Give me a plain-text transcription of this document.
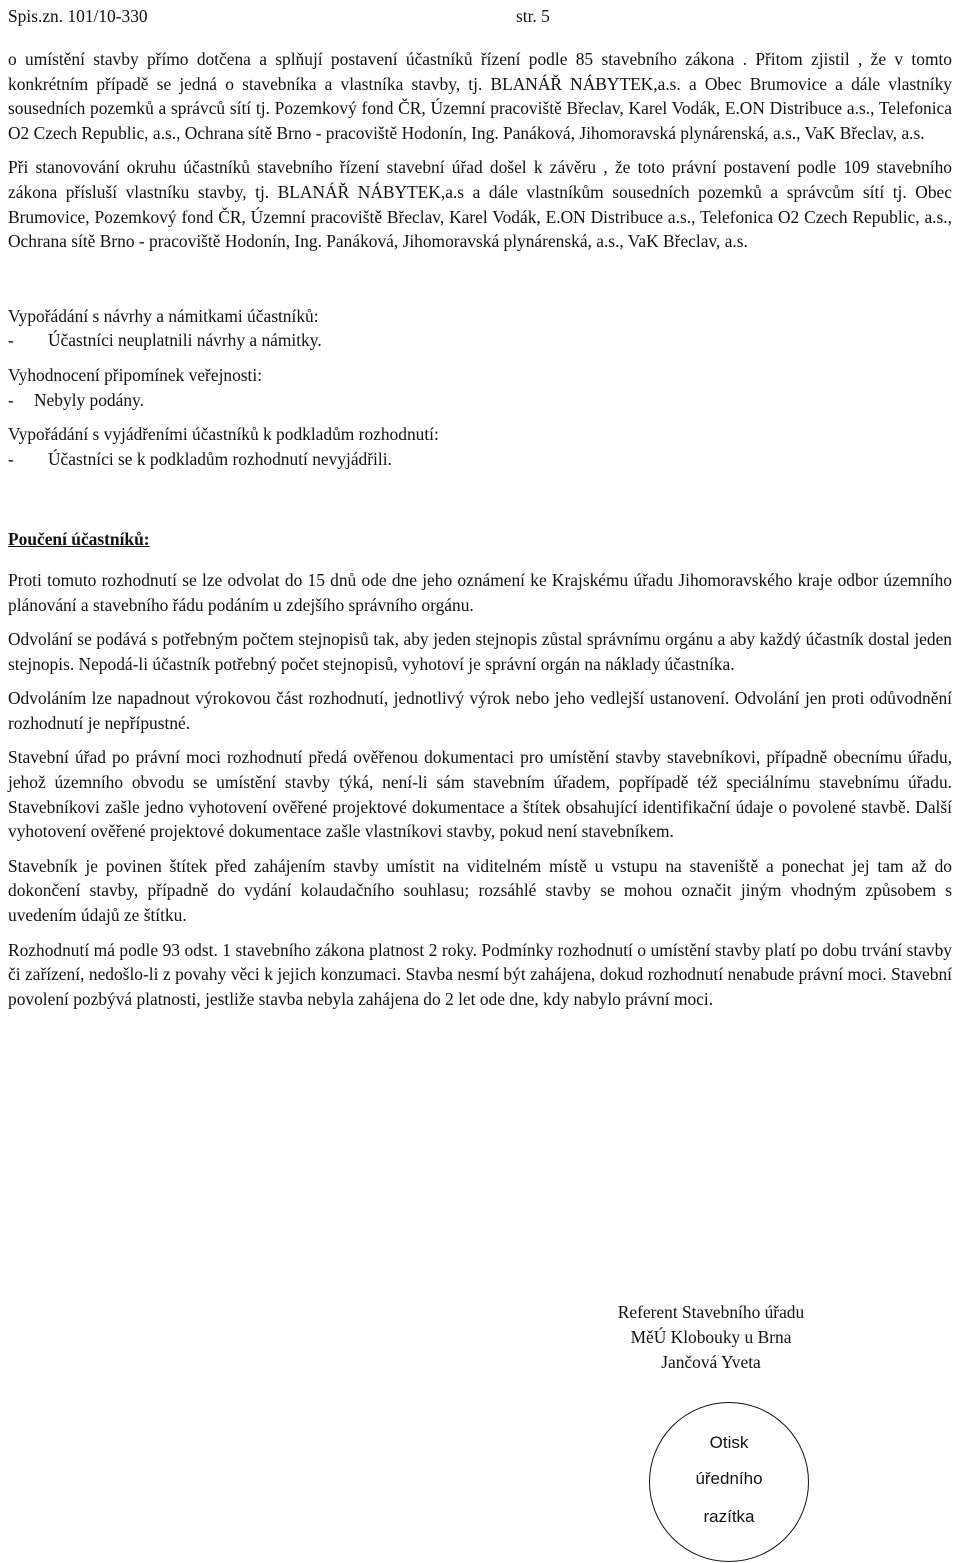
Spis.zn. 101/10-330	str. 5

o umístění stavby přímo dotčena a splňují postavení účastníků řízení podle 85 stavebního zákona . Přitom zjistil , že v tomto konkrétním případě se jedná o stavebníka a vlastníka stavby, tj. BLANÁŘ NÁBYTEK,a.s. a Obec Brumovice a dále vlastníky sousedních pozemků a správců sítí tj. Pozemkový fond ČR, Územní pracoviště Břeclav, Karel Vodák, E.ON Distribuce a.s., Telefonica O2 Czech Republic, a.s., Ochrana sítě Brno - pracoviště Hodonín, Ing. Panáková, Jihomoravská plynárenská, a.s., VaK Břeclav, a.s.

Při stanovování okruhu účastníků stavebního řízení stavební úřad došel k závěru , že toto právní postavení podle 109 stavebního zákona přísluší vlastníku stavby, tj. BLANÁŘ NÁBYTEK,a.s a dále vlastníkům sousedních pozemků a správcům sítí tj. Obec Brumovice, Pozemkový fond ČR, Územní pracoviště Břeclav, Karel Vodák, E.ON Distribuce a.s., Telefonica O2 Czech Republic, a.s., Ochrana sítě Brno - pracoviště Hodonín, Ing. Panáková, Jihomoravská plynárenská, a.s., VaK Břeclav, a.s.

Vypořádání s návrhy a námitkami účastníků:

-	Účastníci neuplatnili návrhy a námitky.

Vyhodnocení připomínek veřejnosti:

-	Nebyly podány.

Vypořádání s vyjádřeními účastníků k podkladům rozhodnutí:

-	Účastníci se k podkladům rozhodnutí nevyjádřili.

Poučení účastníků:

Proti tomuto rozhodnutí se lze odvolat do 15 dnů ode dne jeho oznámení ke Krajskému úřadu Jihomoravského kraje odbor územního plánování a stavebního řádu podáním u zdejšího správního orgánu.

Odvolání se podává s potřebným počtem stejnopisů tak, aby jeden stejnopis zůstal správnímu orgánu a aby každý účastník dostal jeden stejnopis. Nepodá-li účastník potřebný počet stejnopisů, vyhotoví je správní orgán na náklady účastníka.

Odvoláním lze napadnout výrokovou část rozhodnutí, jednotlivý výrok nebo jeho vedlejší ustanovení. Odvolání jen proti odůvodnění rozhodnutí je nepřípustné.

Stavební úřad po právní moci rozhodnutí předá ověřenou dokumentaci pro umístění stavby stavebníkovi, případně obecnímu úřadu, jehož územního obvodu se umístění stavby týká, není-li sám stavebním úřadem, popřípadě též speciálnímu stavebnímu úřadu. Stavebníkovi zašle jedno vyhotovení ověřené projektové dokumentace a štítek obsahující identifikační údaje o povolené stavbě. Další vyhotovení ověřené projektové dokumentace zašle vlastníkovi stavby, pokud není stavebníkem.

Stavebník je povinen štítek před zahájením stavby umístit na viditelném místě u vstupu na staveniště a ponechat jej tam až do dokončení stavby, případně do vydání kolaudačního souhlasu; rozsáhlé stavby se mohou označit jiným vhodným způsobem s uvedením údajů ze štítku.

Rozhodnutí má podle 93 odst. 1 stavebního zákona platnost 2 roky. Podmínky rozhodnutí o umístění stavby platí po dobu trvání stavby či zařízení, nedošlo-li z povahy věci k jejich konzumaci. Stavba nesmí být zahájena, dokud rozhodnutí nenabude právní moci. Stavební povolení pozbývá platnosti, jestliže stavba nebyla zahájena do 2 let ode dne, kdy nabylo právní moci.

Referent Stavebního úřadu
MěÚ Klobouky u Brna
Jančová Yveta
Otisk
úředního
razítka
